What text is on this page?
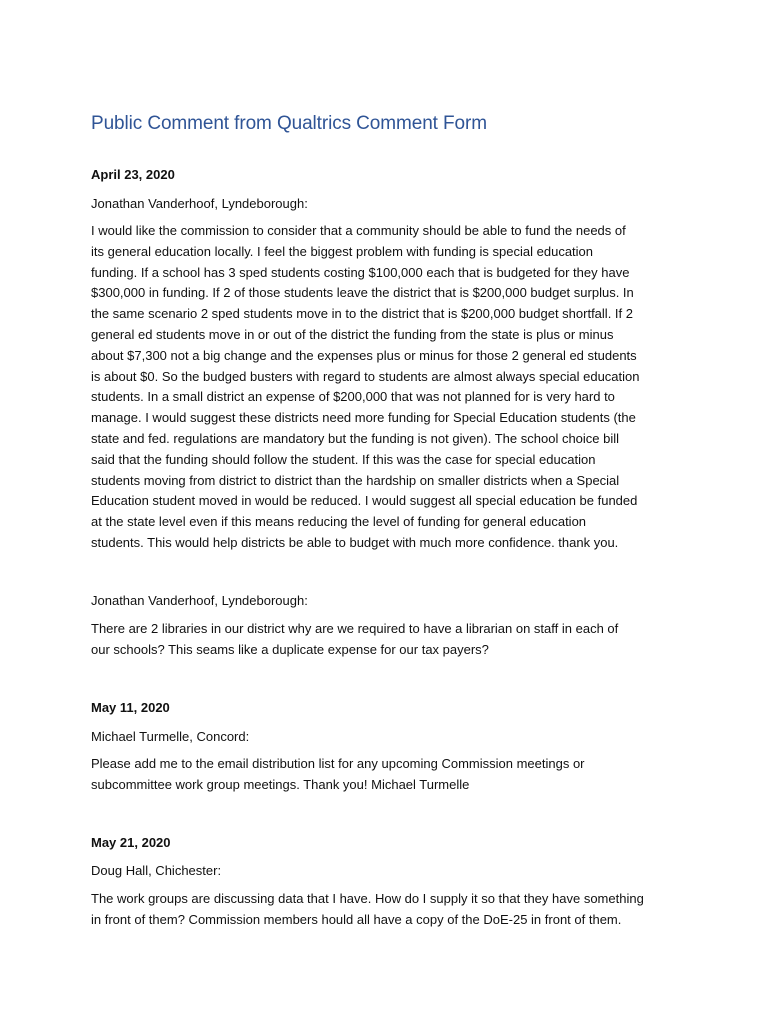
Public Comment from Qualtrics Comment Form
April 23, 2020
Jonathan Vanderhoof, Lyndeborough:
I would like the commission to consider that a community should be able to fund the needs of
its general education locally. I feel the biggest problem with funding is special education
funding. If a school has 3 sped students costing $100,000 each that is budgeted for they have
$300,000 in funding. If 2 of those students leave the district that is $200,000 budget surplus. In
the same scenario 2 sped students move in to the district that is $200,000 budget shortfall. If 2
general ed students move in or out of the district the funding from the state is plus or minus
about $7,300 not a big change and the expenses plus or minus for those 2 general ed students
is about $0. So the budged busters with regard to students are almost always special education
students. In a small district an expense of $200,000 that was not planned for is very hard to
manage. I would suggest these districts need more funding for Special Education students (the
state and fed. regulations are mandatory but the funding is not given). The school choice bill
said that the funding should follow the student. If this was the case for special education
students moving from district to district than the hardship on smaller districts when a Special
Education student moved in would be reduced. I would suggest all special education be funded
at the state level even if this means reducing the level of funding for general education
students. This would help districts be able to budget with much more confidence. thank you.
Jonathan Vanderhoof, Lyndeborough:
There are 2 libraries in our district why are we required to have a librarian on staff in each of
our schools? This seams like a duplicate expense for our tax payers?
May 11, 2020
Michael Turmelle, Concord:
Please add me to the email distribution list for any upcoming Commission meetings or
subcommittee work group meetings. Thank you! Michael Turmelle
May 21, 2020
Doug Hall, Chichester:
The work groups are discussing data that I have. How do I supply it so that they have something
in front of them? Commission members hould all have a copy of the DoE-25 in front of them.
